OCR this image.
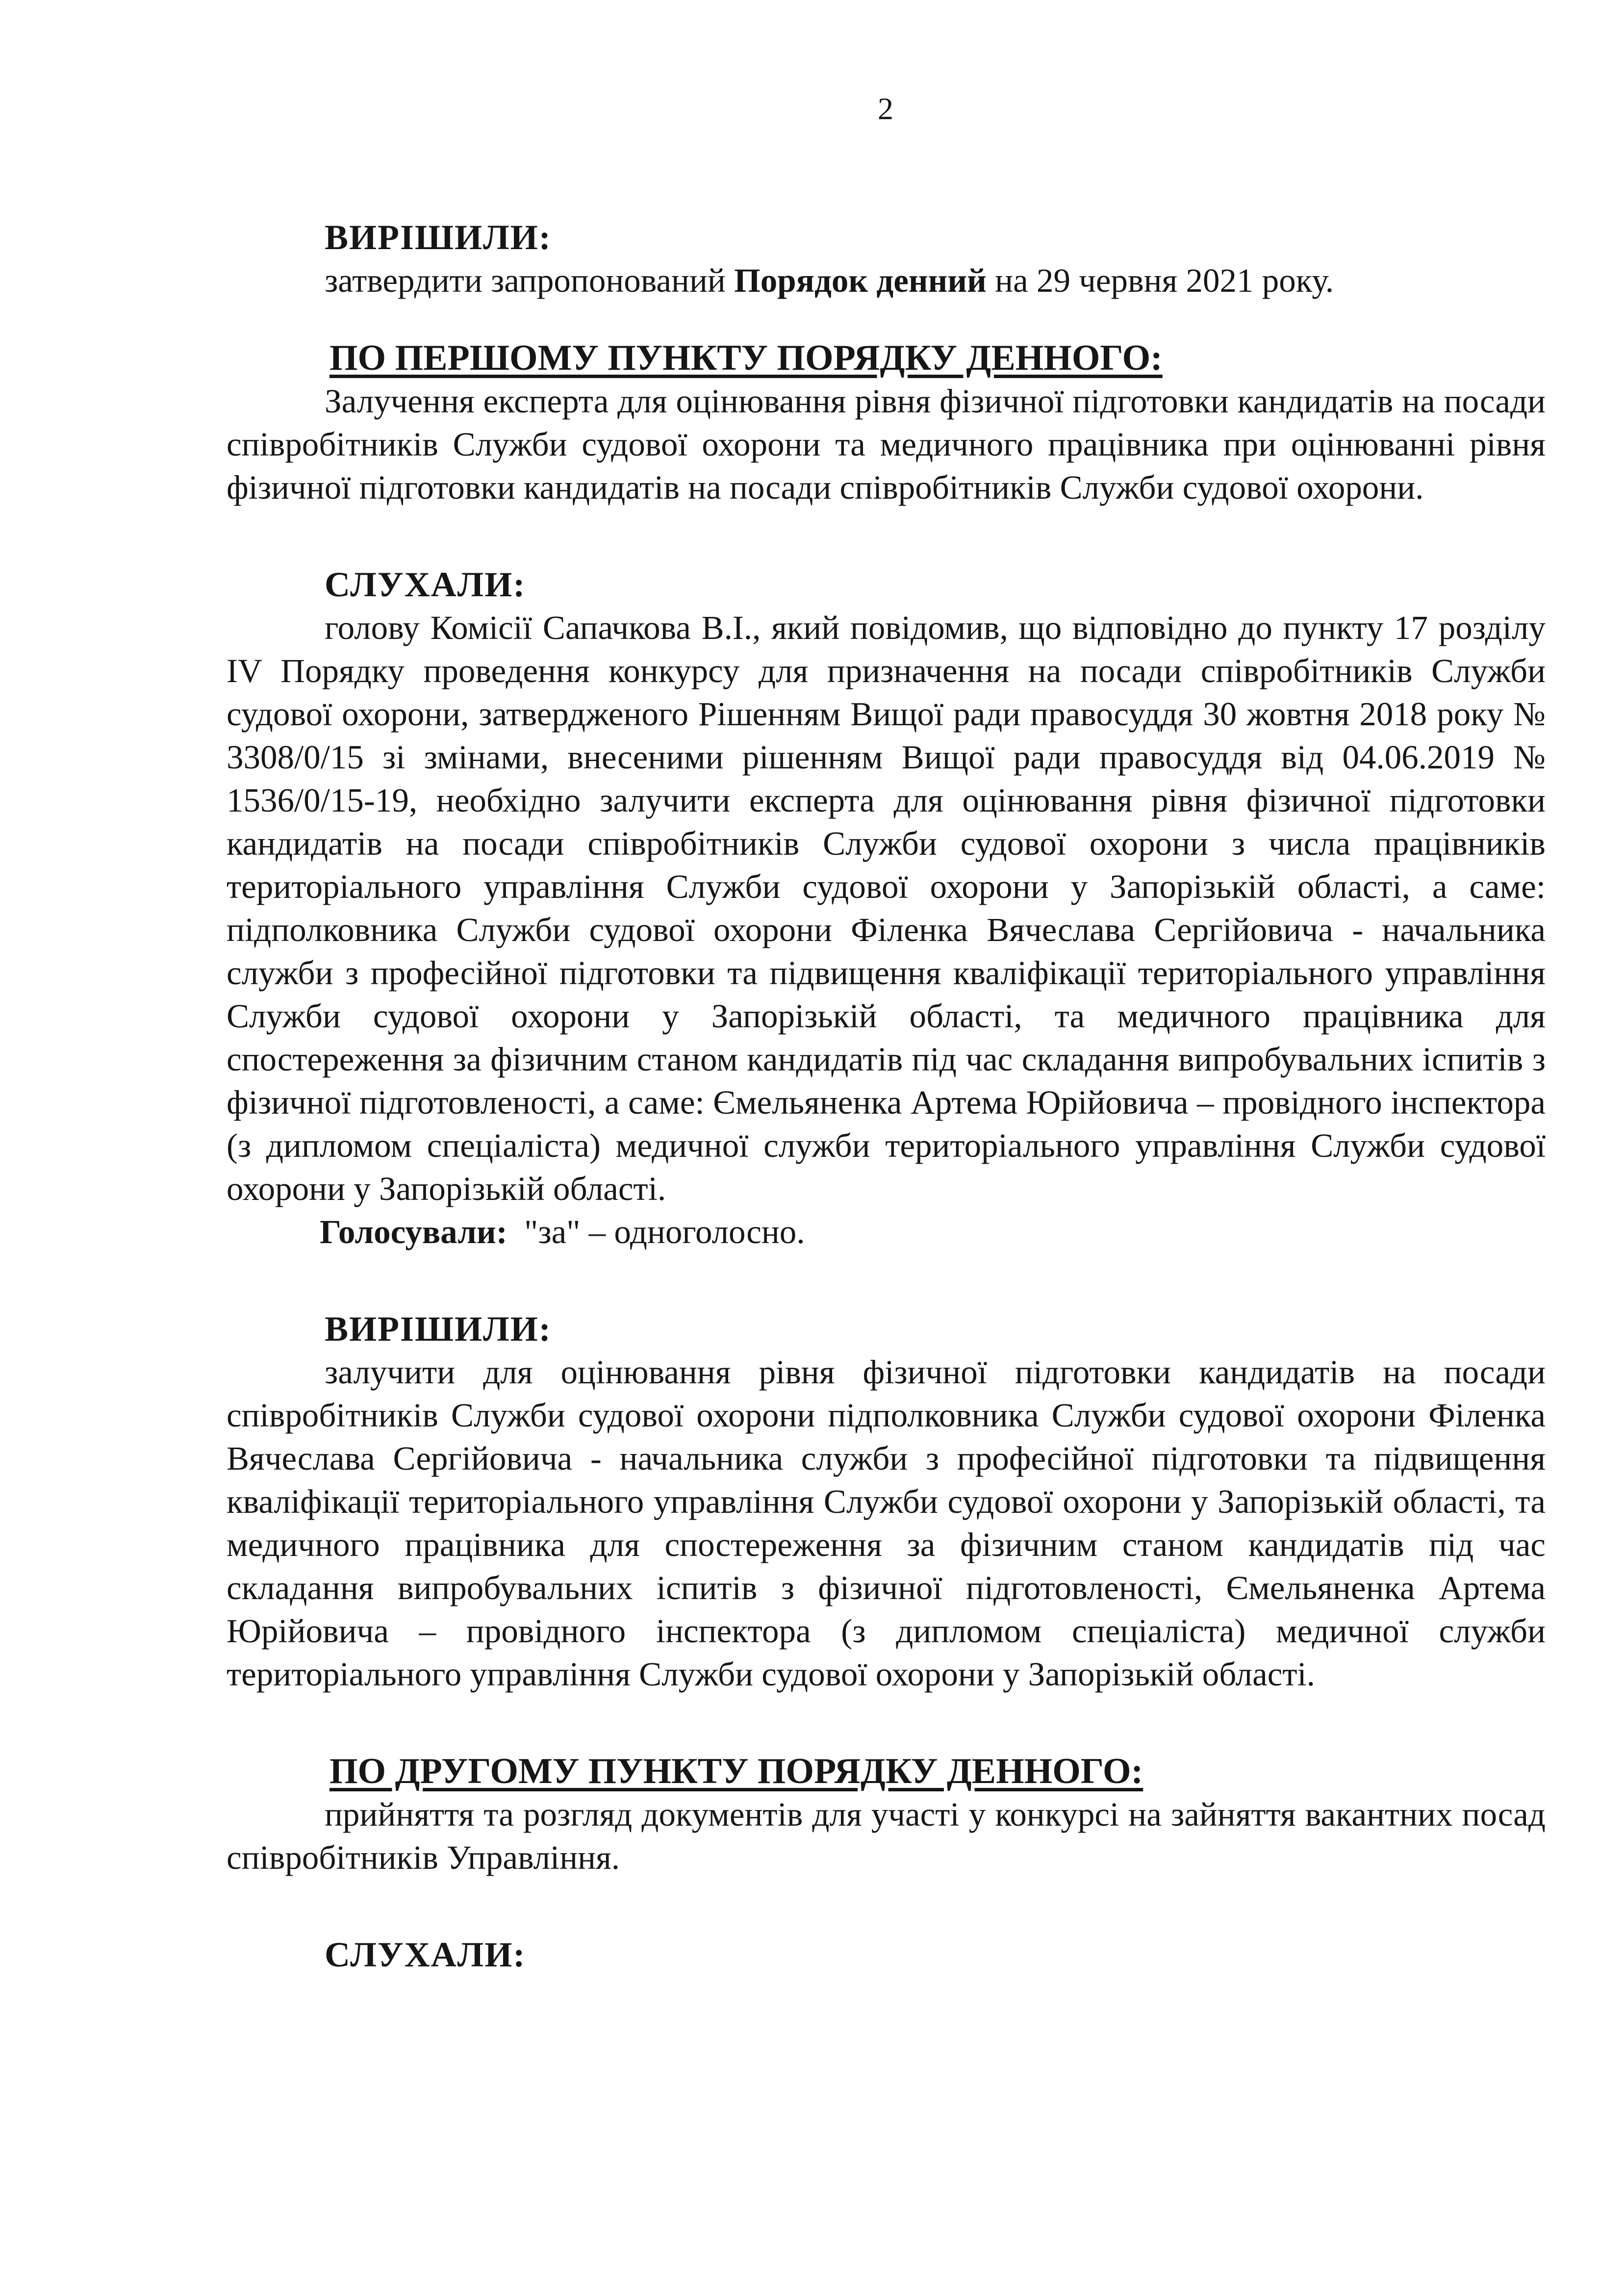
2

ВИРІШИЛИ:

затвердити запропонований Порядок денний на 29 червня 2021 року.

ПО ПЕРШОМУ ПУНКТУ ПОРЯДКУ ДЕННОГО:

Залучення експерта для оцінювання рівня фізичної підготовки кандидатів на посади співробітників Служби судової охорони та медичного працівника при оцінюванні рівня фізичної підготовки кандидатів на посади співробітників Служби судової охорони.

СЛУХАЛИ:

голову Комісії Сапачкова В.І., який повідомив, що відповідно до пункту 17 розділу IV Порядку проведення конкурсу для призначення на посади співробітників Служби судової охорони, затвердженого Рішенням Вищої ради правосуддя 30 жовтня 2018 року № 3308/0/15 зі змінами, внесеними рішенням Вищої ради правосуддя від 04.06.2019 № 1536/0/15-19, необхідно залучити експерта для оцінювання рівня фізичної підготовки кандидатів на посади співробітників Служби судової охорони з числа працівників територіального управління Служби судової охорони у Запорізькій області, а саме: підполковника Служби судової охорони Філенка Вячеслава Сергійовича - начальника служби з професійної підготовки та підвищення кваліфікації територіального управління Служби судової охорони у Запорізькій області, та медичного працівника для спостереження за фізичним станом кандидатів під час складання випробувальних іспитів з фізичної підготовленості, а саме: Ємельяненка Артема Юрійовича – провідного інспектора (з дипломом спеціаліста) медичної служби територіального управління Служби судової охорони у Запорізькій області.

Голосували: "за" – одноголосно.

ВИРІШИЛИ:

залучити для оцінювання рівня фізичної підготовки кандидатів на посади співробітників Служби судової охорони підполковника Служби судової охорони Філенка Вячеслава Сергійовича - начальника служби з професійної підготовки та підвищення кваліфікації територіального управління Служби судової охорони у Запорізькій області, та медичного працівника для спостереження за фізичним станом кандидатів під час складання випробувальних іспитів з фізичної підготовленості, Ємельяненка Артема Юрійовича – провідного інспектора (з дипломом спеціаліста) медичної служби територіального управління Служби судової охорони у Запорізькій області.

ПО ДРУГОМУ ПУНКТУ ПОРЯДКУ ДЕННОГО:

прийняття та розгляд документів для участі у конкурсі на зайняття вакантних посад співробітників Управління.

СЛУХАЛИ:
